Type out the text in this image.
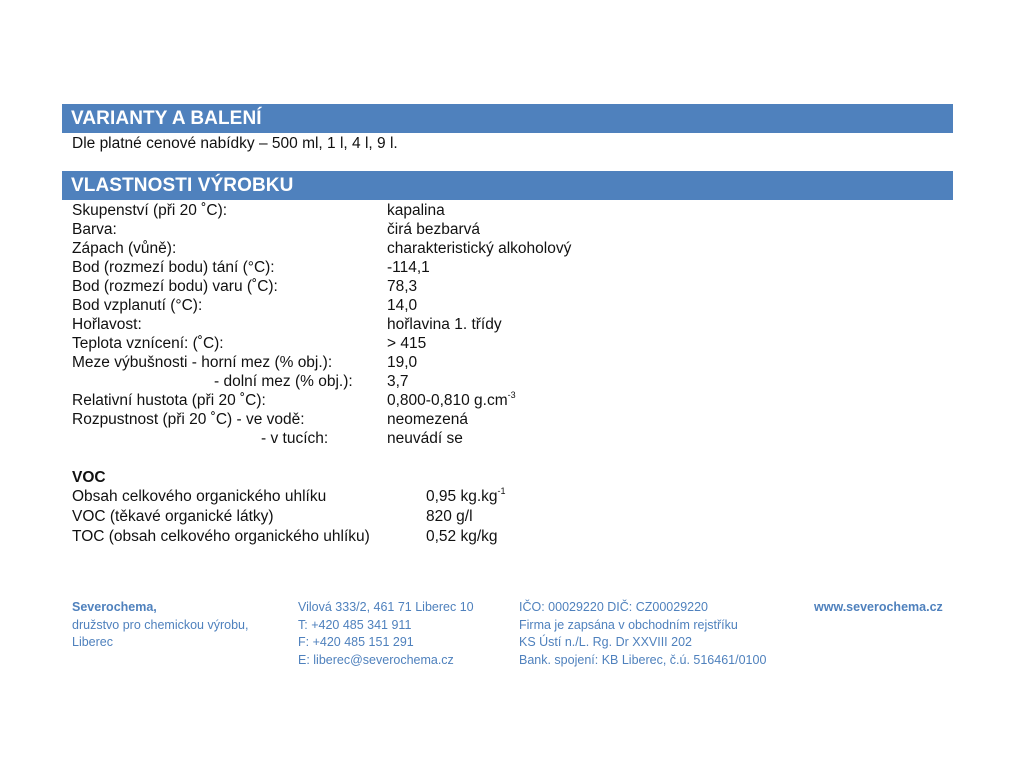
VARIANTY A BALENÍ
Dle platné cenové nabídky – 500 ml, 1 l, 4 l, 9 l.
VLASTNOSTI VÝROBKU
Skupenství (při 20 ˚C):	kapalina
Barva:	čirá bezbarvá
Zápach (vůně):	charakteristický alkoholový
Bod (rozmezí bodu) tání (°C):	-114,1
Bod (rozmezí bodu) varu (˚C):	78,3
Bod vzplanutí (°C):	14,0
Hořlavost:	hořlavina 1. třídy
Teplota vznícení: (˚C):	> 415
Meze výbušnosti - horní mez (% obj.):	19,0
- dolní mez (% obj.): 3,7
Relativní hustota (při 20 ˚C):	0,800-0,810 $g.cm^{-3}$
Rozpustnost (při 20 ˚C) - ve vodě:	neomezená
- v tucích:	neuvádí se
VOC
Obsah celkového organického uhlíku	0,95 $kg.kg^{-1}$
VOC (těkavé organické látky)	820 g/l
TOC (obsah celkového organického uhlíku)	0,52 kg/kg
Severochema,
družstvo pro chemickou výrobu,
Liberec
Vilová 333/2, 461 71 Liberec 10
T: +420 485 341 911
F: +420 485 151 291
E: liberec@severochema.cz
IČO: 00029220 DIČ: CZ00029220
Firma je zapsána v obchodním rejstříku
KS Ústí n./L. Rg. Dr XXVIII 202
Bank. spojení: KB Liberec, č.ú. 516461/0100
www.severochema.cz
